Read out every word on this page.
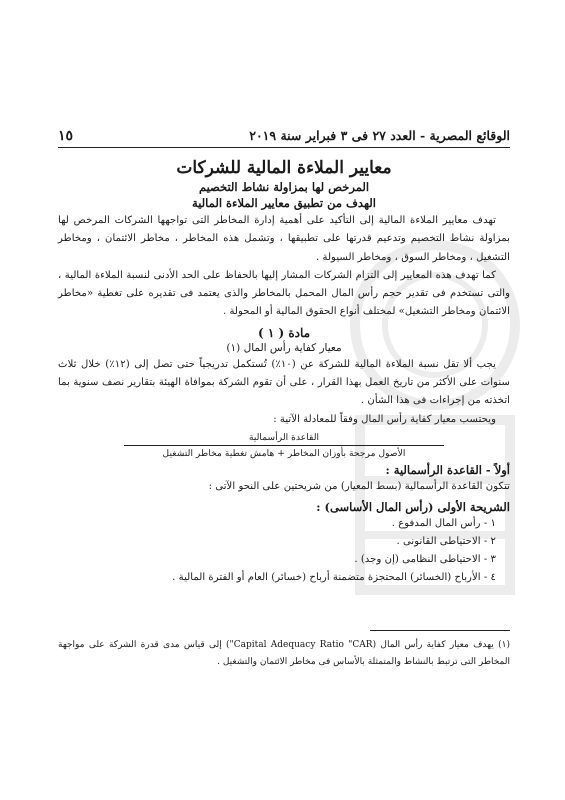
الوقائع المصرية - العدد ٢٧ فى ٣ فبراير سنة ٢٠١٩
١٥
معايير الملاءة المالية للشركات
المرخص لها بمزاولة نشاط التخصيم
الهدف من تطبيق معايير الملاءة المالية

تهدف معايير الملاءة المالية إلى التأكيد على أهمية إدارة المخاطر التى تواجهها الشركات المرخص لها بمزاولة نشاط التخصيم وتدعيم قدرتها على تطبيقها ، وتشمل هذه المخاطر ، مخاطر الائتمان ، ومخاطر التشغيل ، ومخاطر السوق ، ومخاطر السيولة .

كما تهدف هذه المعايير إلى التزام الشركات المشار إليها بالحفاظ على الحد الأدنى لنسبة الملاءة المالية ، والتى تستخدم فى تقدير حجم رأس المال المحمل بالمخاطر والذى يعتمد فى تقديره على تغطية «مخاطر الائتمان ومخاطر التشغيل» لمختلف أنواع الحقوق المالية أو المحولة .

مادة ( ١ )
معيار كفاية رأس المال (١)

يجب ألا تقل نسبة الملاءة المالية للشركة عن (١٠٪) تُستكمل تدريجياً حتى تصل إلى (١٢٪) خلال ثلاث سنوات على الأكثر من تاريخ العمل بهذا القرار ، على أن تقوم الشركة بموافاة الهيئة بتقارير نصف سنوية بما اتخذته من إجراءات فى هذا الشأن .

ويحتسب معيار كفاية رأس المال وفقاً للمعادلة الآتية :

القاعدة الرأسمالية
الأصول مرجحة بأوزان المخاطر + هامش تغطية مخاطر التشغيل
أولاً - القاعدة الرأسمالية :

تتكون القاعدة الرأسمالية (بسط المعيار) من شريحتين على النحو الآتى :

الشريحة الأولى (رأس المال الأساسى) :
١ - رأس المال المدفوع .
٢ - الاحتياطى القانونى .
٣ - الاحتياطى النظامى (إن وجد) .
٤ - الأرباح (الخسائر) المحتجزة متضمنة أرباح (خسائر) العام أو الفترة المالية .

(١) يهدف معيار كفاية رأس المال (Capital Adequacy Ratio "CAR") إلى قياس مدى قدرة الشركة على مواجهة المخاطر التى ترتبط بالنشاط والمتمثلة بالأساس فى مخاطر الائتمان والتشغيل .
